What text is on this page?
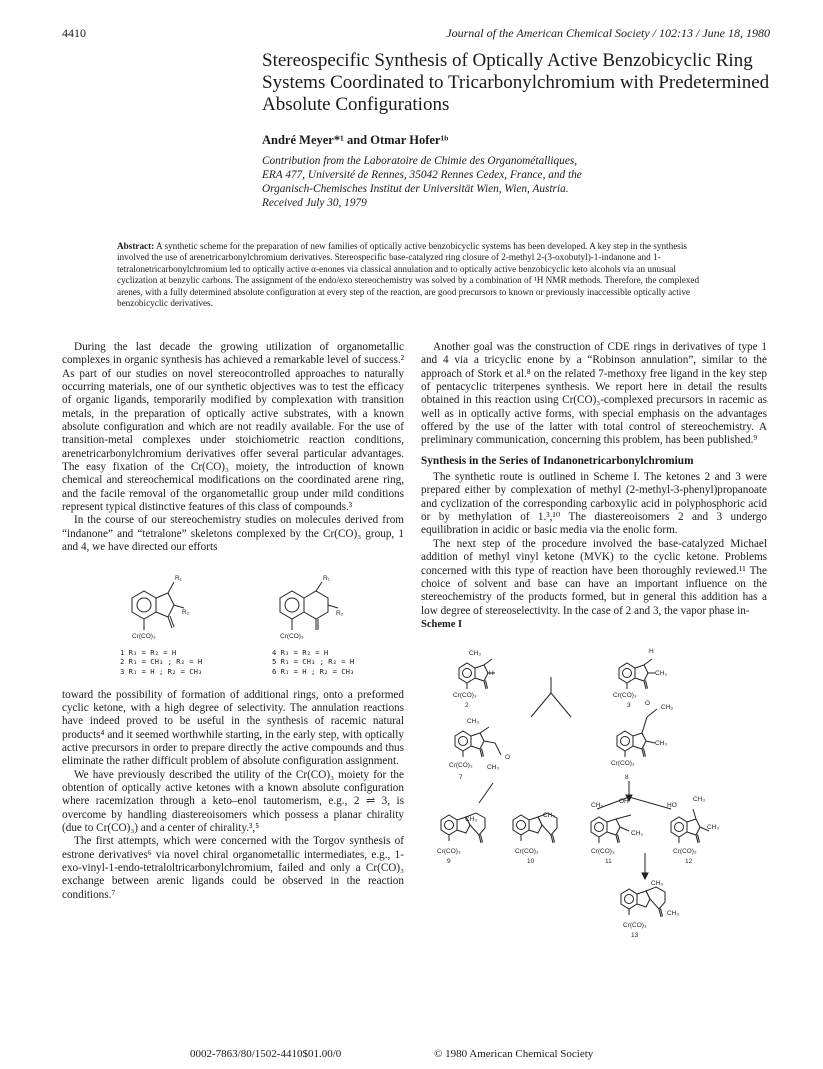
4410	Journal of the American Chemical Society / 102:13 / June 18, 1980
Stereospecific Synthesis of Optically Active Benzobicyclic Ring Systems Coordinated to Tricarbonylchromium with Predetermined Absolute Configurations
André Meyer*¹ and Otmar Hofer¹ᵇ

Contribution from the Laboratoire de Chimie des Organométalliques,

ERA 477, Université de Rennes, 35042 Rennes Cedex, France, and the

Organisch-Chemisches Institut der Universität Wien, Wien, Austria.

Received July 30, 1979

Abstract: A synthetic scheme for the preparation of new families of optically active benzobicyclic systems has been developed. A key step in the synthesis involved the use of arenetricarbonylchromium derivatives. Stereospecific base-catalyzed ring closure of 2-methyl 2-(3-oxobutyl)-1-indanone and 1-tetralonetricarbonylchromium led to optically active α-enones via classical annulation and to optically active benzobicyclic keto alcohols via an unusual cyclization at benzylic carbons. The assignment of the endo/exo stereochemistry was solved by a combination of ¹H NMR methods. Therefore, the complexed arenes, with a fully determined absolute configuration at every step of the reaction, are good precursors to known or previously inaccessible optically active benzobicyclic derivatives.

During the last decade the growing utilization of organometallic complexes in organic synthesis has achieved a remarkable level of success.² As part of our studies on novel stereocontrolled approaches to naturally occurring materials, one of our synthetic objectives was to test the efficacy of organic ligands, temporarily modified by complexation with transition metals, in the preparation of optically active substrates, with a known absolute configuration and which are not readily available. For the use of transition-metal complexes under stoichiometric reaction conditions, arenetricarbonylchromium derivatives offer several particular advantages. The easy fixation of the Cr(CO)₃ moiety, the introduction of known chemical and stereochemical modifications on the coordinated arene ring, and the facile removal of the organometallic group under mild conditions represent typical distinctive features of this class of compounds.³

In the course of our stereochemistry studies on molecules derived from “indanone” and “tetralone” skeletons complexed by the Cr(CO)₃ group, 1 and 4, we have directed our efforts

R₁
R₂
Cr(CO)₃
R₁
R₂
Cr(CO)₃
1 R₁ = R₂ = H
2 R₁ = CH₃ ; R₂ = H
3 R₁ = H ; R₂ = CH₃
4 R₁ = R₂ = H
5 R₁ = CH₃ ; R₂ = H
6 R₁ = H ; R₂ = CH₃

toward the possibility of formation of additional rings, onto a preformed cyclic ketone, with a high degree of selectivity. The annulation reactions have indeed proved to be useful in the synthesis of racemic natural products⁴ and it seemed worthwhile starting, in the early step, with optically active precursors in order to prepare directly the active compounds and thus eliminate the rather difficult problem of absolute configuration assignment.

We have previously described the utility of the Cr(CO)₃ moiety for the obtention of optically active ketones with a known absolute configuration where racemization through a keto–enol tautomerism, e.g., 2 ⇌ 3, is overcome by handling diastereoisomers which possess a planar chirality (due to Cr(CO)₃) and a center of chirality.³,⁵

The first attempts, which were concerned with the Torgov synthesis of estrone derivatives⁶ via novel chiral organometallic intermediates, e.g., 1-exo-vinyl-1-endo-tetraloltricarbonylchromium, failed and only a Cr(CO)₃ exchange between arenic ligands could be observed in the reaction conditions.⁷

Another goal was the construction of CDE rings in derivatives of type 1 and 4 via a tricyclic enone by a “Robinson annulation”, similar to the approach of Stork et al.⁸ on the related 7-methoxy free ligand in the key step of pentacyclic triterpenes synthesis. We report here in detail the results obtained in this reaction using Cr(CO)₃-complexed precursors in racemic as well as in optically active forms, with special emphasis on the advantages offered by the use of the latter with total control of stereochemistry. A preliminary communication, concerning this problem, has been published.⁹

Synthesis in the Series of Indanonetricarbonylchromium

The synthetic route is outlined in Scheme I. The ketones 2 and 3 were prepared either by complexation of methyl (2-methyl-3-phenyl)propanoate and cyclization of the corresponding carboxylic acid in polyphosphoric acid or by methylation of 1.³,¹⁰ The diastereoisomers 2 and 3 undergo equilibration in acidic or basic media via the enolic form.

The next step of the procedure involved the base-catalyzed Michael addition of methyl vinyl ketone (MVK) to the cyclic ketone. Problems concerned with this type of reaction have been thoroughly reviewed.¹¹ The choice of solvent and base can have an important influence on the stereochemistry of the products formed, but in general this addition has a low degree of stereoselectivity. In the case of 2 and 3, the vapor phase in-

Scheme I

CH₃
H
Cr(CO)₃
2
H
CH₃
Cr(CO)₃
3
CH₃
O
Cr(CO)₃ CH₃
7
CH₃
O
CH₃
Cr(CO)₃
8
CH₃
Cr(CO)₃
9
CH₃
Cr(CO)₃
10
CH₃
OH
CH₃
Cr(CO)₃
11
HO
CH₃
CH₃
Cr(CO)₃
12
CH₃
CH₃
Cr(CO)₃
13
0002-7863/80/1502-4410$01.00/0	© 1980 American Chemical Society
